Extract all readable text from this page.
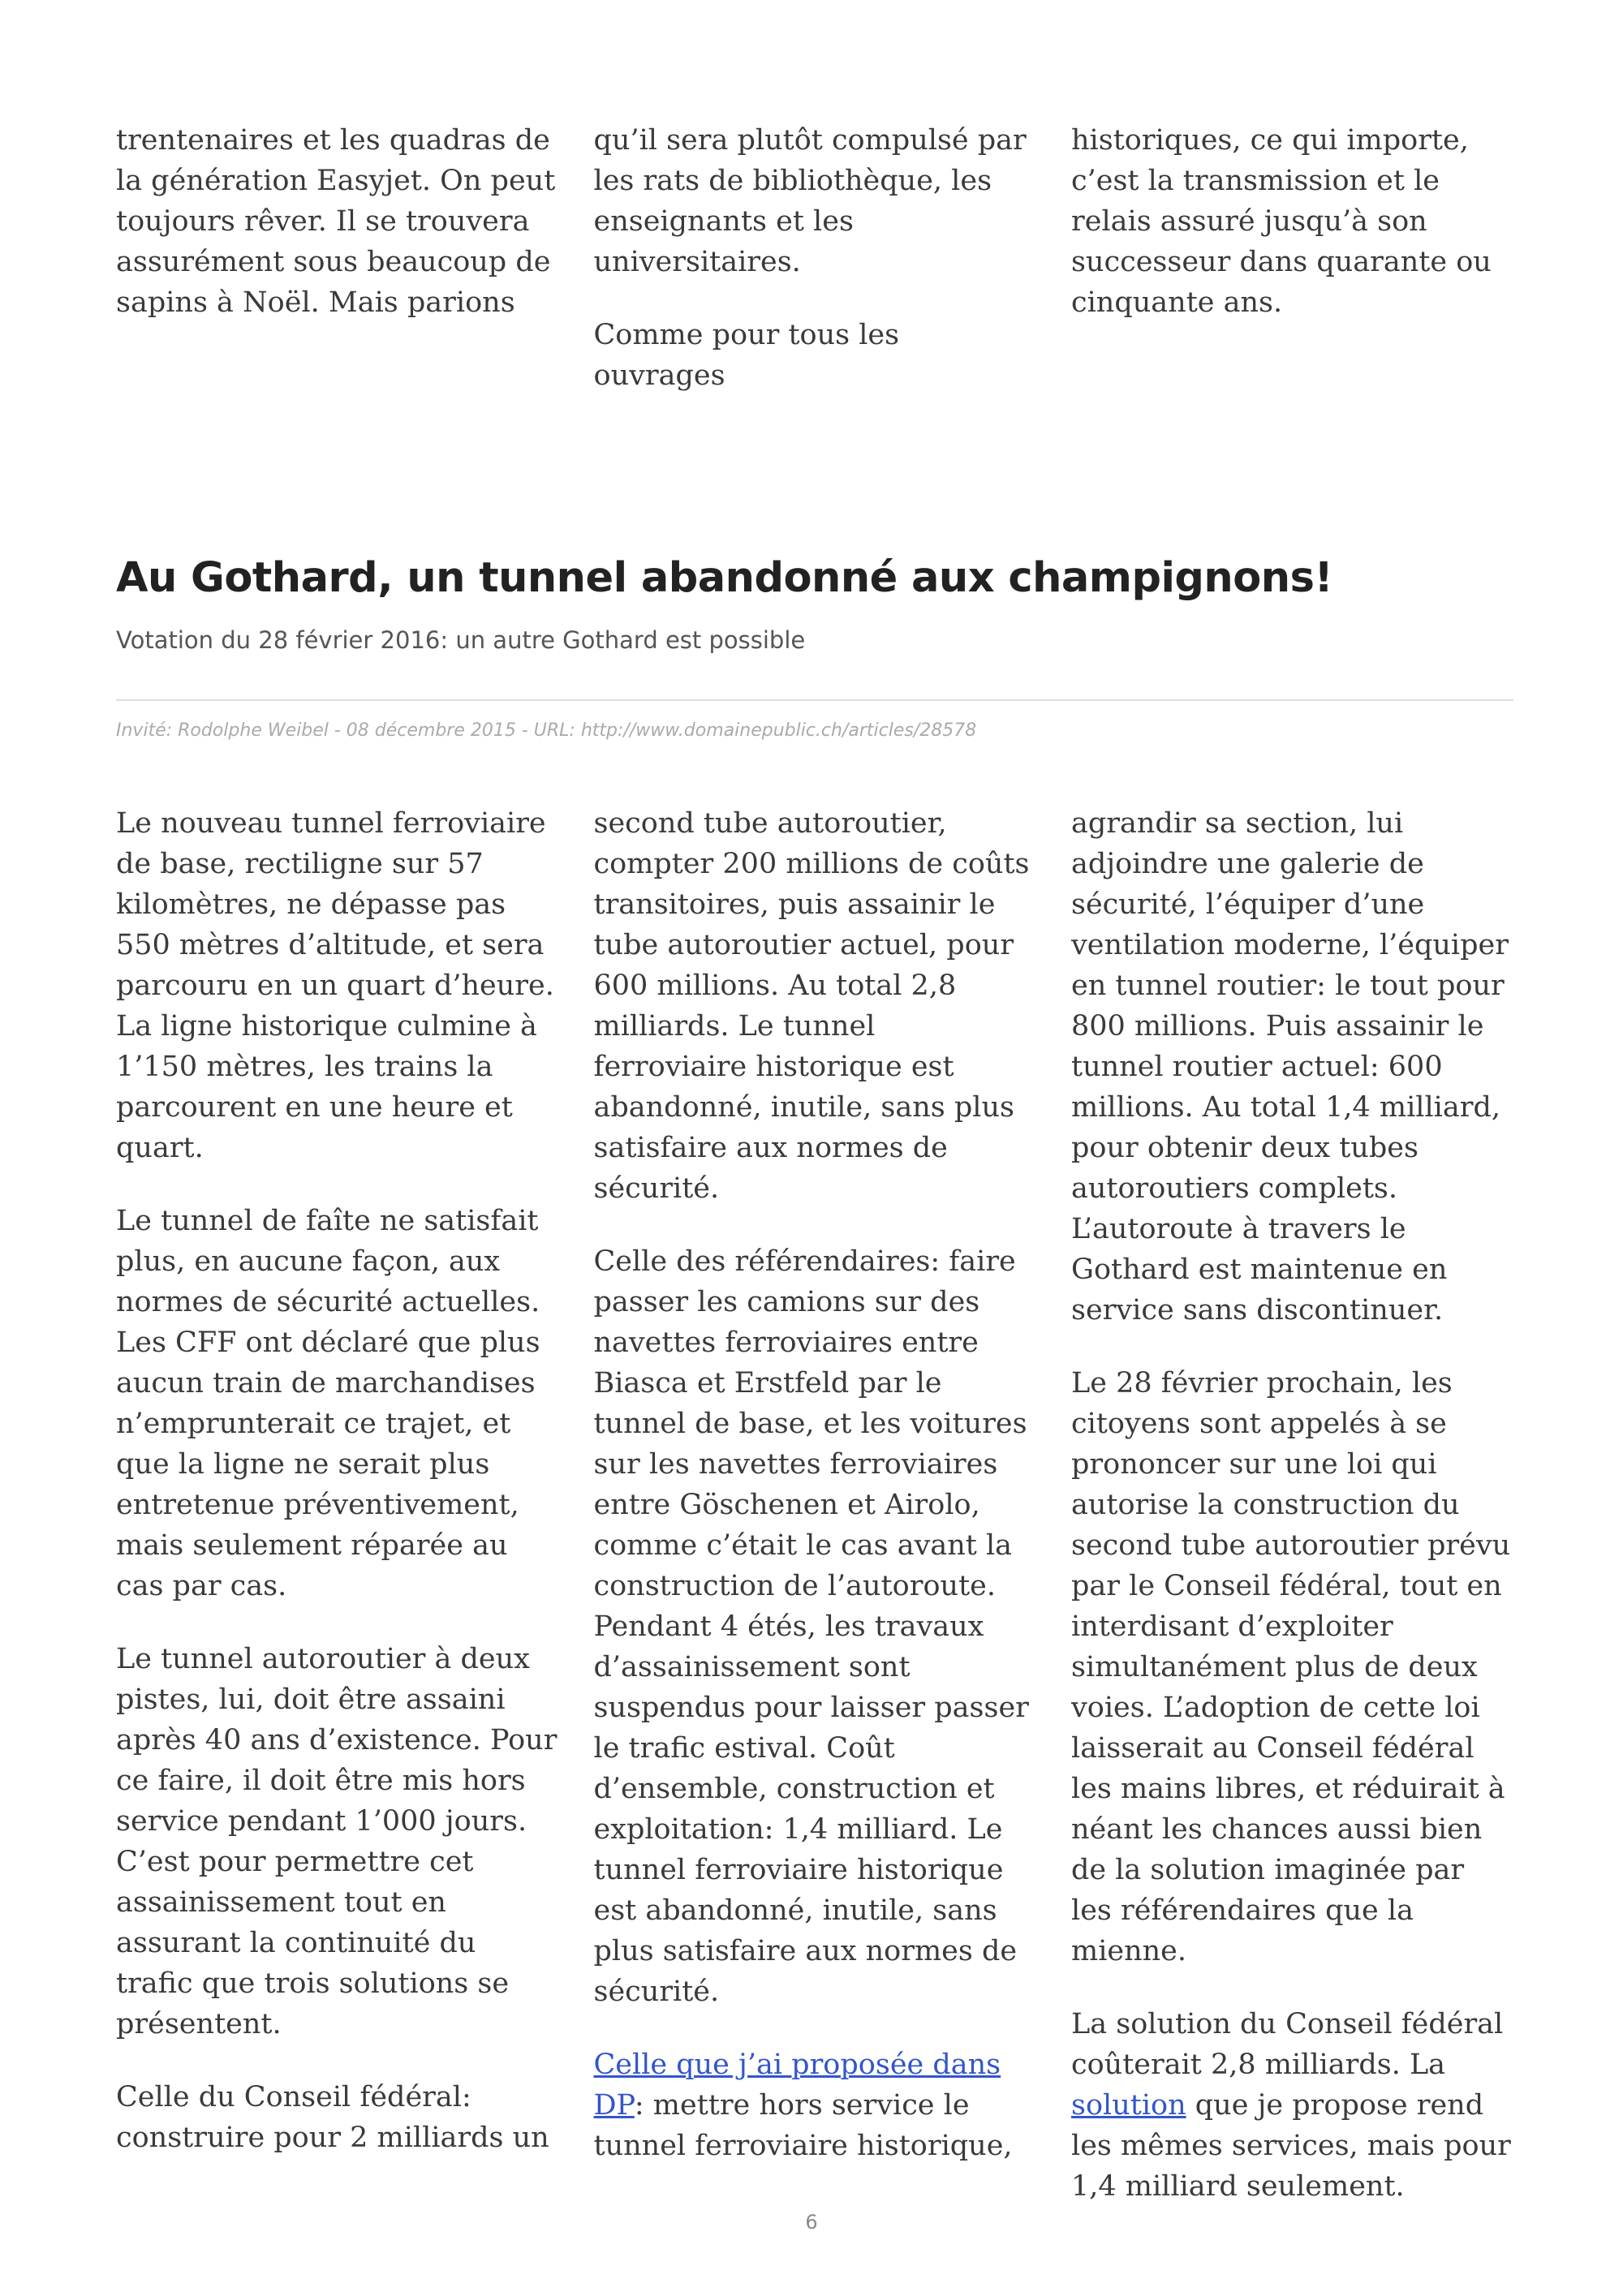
trentenaires et les quadras de la génération Easyjet. On peut toujours rêver. Il se trouvera assurément sous beaucoup de sapins à Noël. Mais parions

qu’il sera plutôt compulsé par les rats de bibliothèque, les enseignants et les universitaires.

Comme pour tous les ouvrages

historiques, ce qui importe, c’est la transmission et le relais assuré jusqu’à son successeur dans quarante ou cinquante ans.

Au Gothard, un tunnel abandonné aux champignons!

Votation du 28 février 2016: un autre Gothard est possible

Invité: Rodolphe Weibel - 08 décembre 2015 - URL: http://www.domainepublic.ch/articles/28578

Le nouveau tunnel ferroviaire de base, rectiligne sur 57 kilomètres, ne dépasse pas 550 mètres d’altitude, et sera parcouru en un quart d’heure. La ligne historique culmine à 1’150 mètres, les trains la parcourent en une heure et quart.

Le tunnel de faîte ne satisfait plus, en aucune façon, aux normes de sécurité actuelles. Les CFF ont déclaré que plus aucun train de marchandises n’emprunterait ce trajet, et que la ligne ne serait plus entretenue préventivement, mais seulement réparée au cas par cas.

Le tunnel autoroutier à deux pistes, lui, doit être assaini après 40 ans d’existence. Pour ce faire, il doit être mis hors service pendant 1’000 jours. C’est pour permettre cet assainissement tout en assurant la continuité du trafic que trois solutions se présentent.

Celle du Conseil fédéral: construire pour 2 milliards un

second tube autoroutier, compter 200 millions de coûts transitoires, puis assainir le tube autoroutier actuel, pour 600 millions. Au total 2,8 milliards. Le tunnel ferroviaire historique est abandonné, inutile, sans plus satisfaire aux normes de sécurité.

Celle des référendaires: faire passer les camions sur des navettes ferroviaires entre Biasca et Erstfeld par le tunnel de base, et les voitures sur les navettes ferroviaires entre Göschenen et Airolo, comme c’était le cas avant la construction de l’autoroute. Pendant 4 étés, les travaux d’assainissement sont suspendus pour laisser passer le trafic estival. Coût d’ensemble, construction et exploitation: 1,4 milliard. Le tunnel ferroviaire historique est abandonné, inutile, sans plus satisfaire aux normes de sécurité.

Celle que j’ai proposée dans DP: mettre hors service le tunnel ferroviaire historique,

agrandir sa section, lui adjoindre une galerie de sécurité, l’équiper d’une ventilation moderne, l’équiper en tunnel routier: le tout pour 800 millions. Puis assainir le tunnel routier actuel: 600 millions. Au total 1,4 milliard, pour obtenir deux tubes autoroutiers complets. L’autoroute à travers le Gothard est maintenue en service sans discontinuer.

Le 28 février prochain, les citoyens sont appelés à se prononcer sur une loi qui autorise la construction du second tube autoroutier prévu par le Conseil fédéral, tout en interdisant d’exploiter simultanément plus de deux voies. L’adoption de cette loi laisserait au Conseil fédéral les mains libres, et réduirait à néant les chances aussi bien de la solution imaginée par les référendaires que la mienne.

La solution du Conseil fédéral coûterait 2,8 milliards. La solution que je propose rend les mêmes services, mais pour 1,4 milliard seulement.

6
